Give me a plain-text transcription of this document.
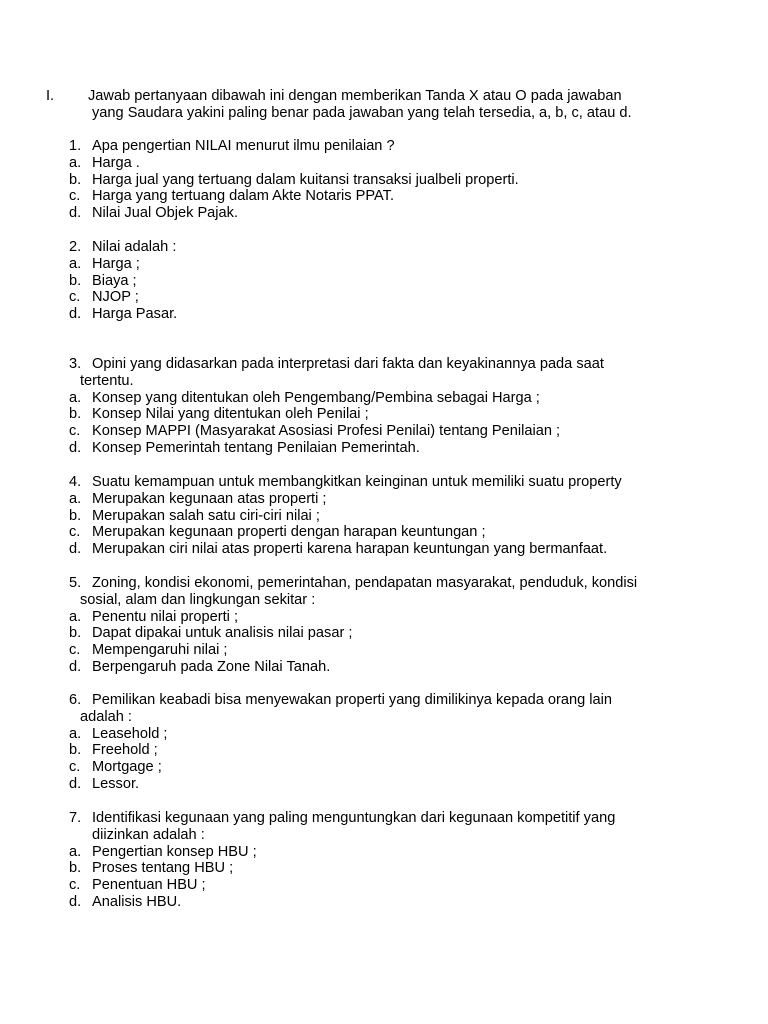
I. Jawab pertanyaan dibawah ini dengan memberikan Tanda X atau O pada jawaban
yang Saudara yakini paling benar pada jawaban yang telah tersedia, a, b, c, atau d.
1. Apa pengertian NILAI menurut ilmu penilaian ?
a. Harga .
b. Harga jual yang tertuang dalam kuitansi transaksi jualbeli properti.
c. Harga yang tertuang dalam Akte Notaris PPAT.
d. Nilai Jual Objek Pajak.
2. Nilai adalah :
a. Harga ;
b. Biaya ;
c. NJOP ;
d. Harga Pasar.
3. Opini yang didasarkan pada interpretasi dari fakta dan keyakinannya pada saat
tertentu.
a. Konsep yang ditentukan oleh Pengembang/Pembina sebagai Harga ;
b. Konsep Nilai yang ditentukan oleh Penilai ;
c. Konsep MAPPI (Masyarakat Asosiasi Profesi Penilai) tentang Penilaian ;
d. Konsep Pemerintah tentang Penilaian Pemerintah.
4. Suatu kemampuan untuk membangkitkan keinginan untuk memiliki suatu property
a. Merupakan kegunaan atas properti ;
b. Merupakan salah satu ciri-ciri nilai ;
c. Merupakan kegunaan properti dengan harapan keuntungan ;
d. Merupakan ciri nilai atas properti karena harapan keuntungan yang bermanfaat.
5. Zoning, kondisi ekonomi, pemerintahan, pendapatan masyarakat, penduduk, kondisi
sosial, alam dan lingkungan sekitar :
a. Penentu nilai properti ;
b. Dapat dipakai untuk analisis nilai pasar ;
c. Mempengaruhi nilai ;
d. Berpengaruh pada Zone Nilai Tanah.
6. Pemilikan keabadi bisa menyewakan properti yang dimilikinya kepada orang lain
adalah :
a. Leasehold ;
b. Freehold ;
c. Mortgage ;
d. Lessor.
7. Identifikasi kegunaan yang paling menguntungkan dari kegunaan kompetitif yang
diizinkan adalah :
a. Pengertian konsep HBU ;
b. Proses tentang HBU ;
c. Penentuan HBU ;
d. Analisis HBU.
